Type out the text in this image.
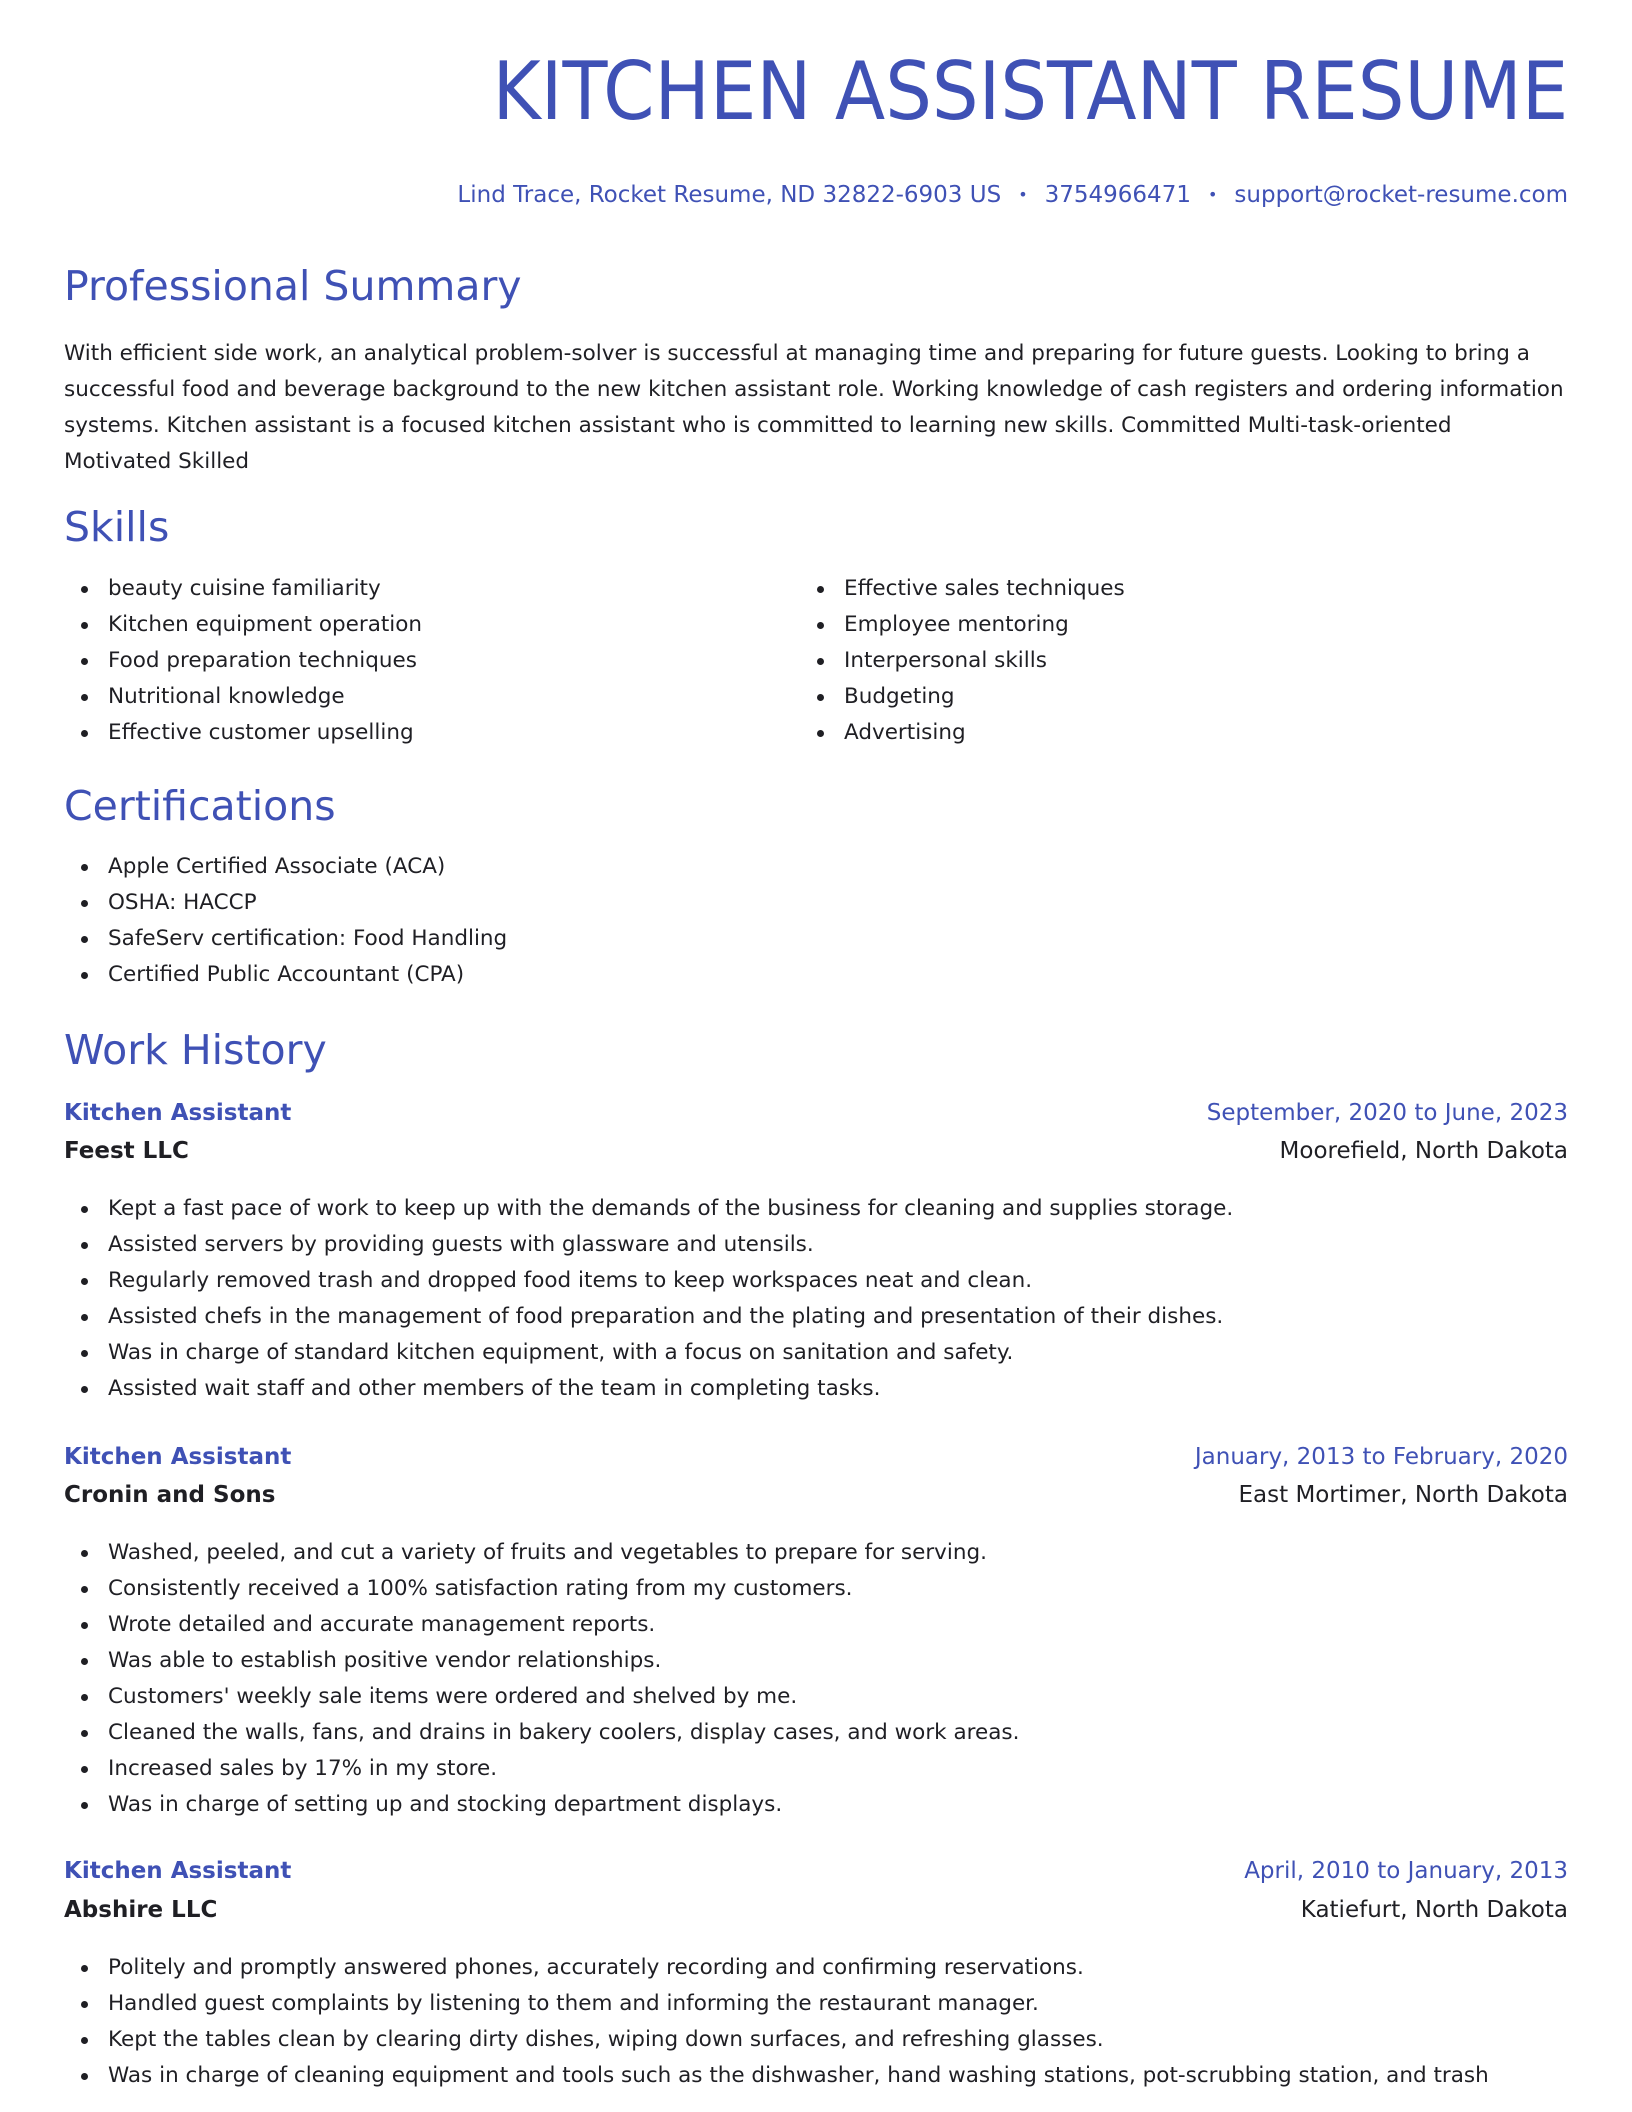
KITCHEN ASSISTANT RESUME
Lind Trace, Rocket Resume, ND 32822-6903 US • 3754966471 • support@rocket-resume.com
Professional Summary

With efficient side work, an analytical problem-solver is successful at managing time and preparing for future guests. Looking to bring a successful food and beverage background to the new kitchen assistant role. Working knowledge of cash registers and ordering information systems. Kitchen assistant is a focused kitchen assistant who is committed to learning new skills. Committed Multi-task-oriented Motivated Skilled

Skills
beauty cuisine familiarity
Kitchen equipment operation
Food preparation techniques
Nutritional knowledge
Effective customer upselling
Effective sales techniques
Employee mentoring
Interpersonal skills
Budgeting
Advertising
Certifications
Apple Certified Associate (ACA)
OSHA: HACCP
SafeServ certification: Food Handling
Certified Public Accountant (CPA)
Work History
Kitchen Assistant	September, 2020 to June, 2023
Feest LLC	Moorefield, North Dakota
Kept a fast pace of work to keep up with the demands of the business for cleaning and supplies storage.
Assisted servers by providing guests with glassware and utensils.
Regularly removed trash and dropped food items to keep workspaces neat and clean.
Assisted chefs in the management of food preparation and the plating and presentation of their dishes.
Was in charge of standard kitchen equipment, with a focus on sanitation and safety.
Assisted wait staff and other members of the team in completing tasks.
Kitchen Assistant	January, 2013 to February, 2020
Cronin and Sons	East Mortimer, North Dakota
Washed, peeled, and cut a variety of fruits and vegetables to prepare for serving.
Consistently received a 100% satisfaction rating from my customers.
Wrote detailed and accurate management reports.
Was able to establish positive vendor relationships.
Customers' weekly sale items were ordered and shelved by me.
Cleaned the walls, fans, and drains in bakery coolers, display cases, and work areas.
Increased sales by 17% in my store.
Was in charge of setting up and stocking department displays.
Kitchen Assistant	April, 2010 to January, 2013
Abshire LLC	Katiefurt, North Dakota
Politely and promptly answered phones, accurately recording and confirming reservations.
Handled guest complaints by listening to them and informing the restaurant manager.
Kept the tables clean by clearing dirty dishes, wiping down surfaces, and refreshing glasses.
Was in charge of cleaning equipment and tools such as the dishwasher, hand washing stations, pot-scrubbing station, and trash
